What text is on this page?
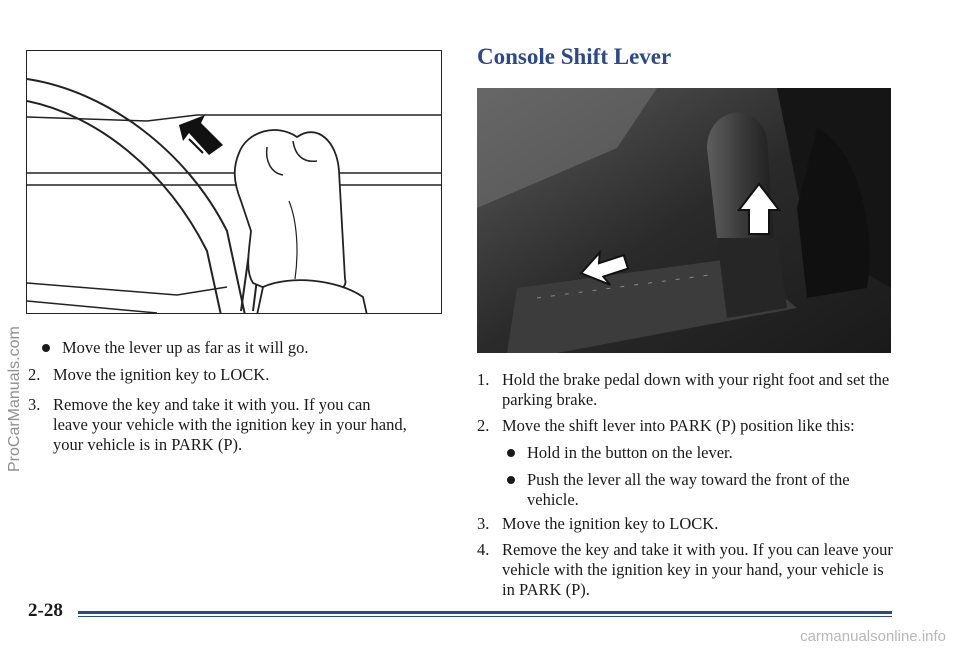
Move the lever up as far as it will go.
2. Move the ignition key to LOCK.
3. Remove the key and take it with you. If you can leave your vehicle with the ignition key in your hand, your vehicle is in PARK (P).
Console Shift Lever
1. Hold the brake pedal down with your right foot and set the parking brake.
2. Move the shift lever into PARK (P) position like this:
Hold in the button on the lever.
Push the lever all the way toward the front of the vehicle.
3. Move the ignition key to LOCK.
4. Remove the key and take it with you. If you can leave your vehicle with the ignition key in your hand, your vehicle is in PARK (P).
ProCarManuals.com
2-28
carmanualsonline.info
